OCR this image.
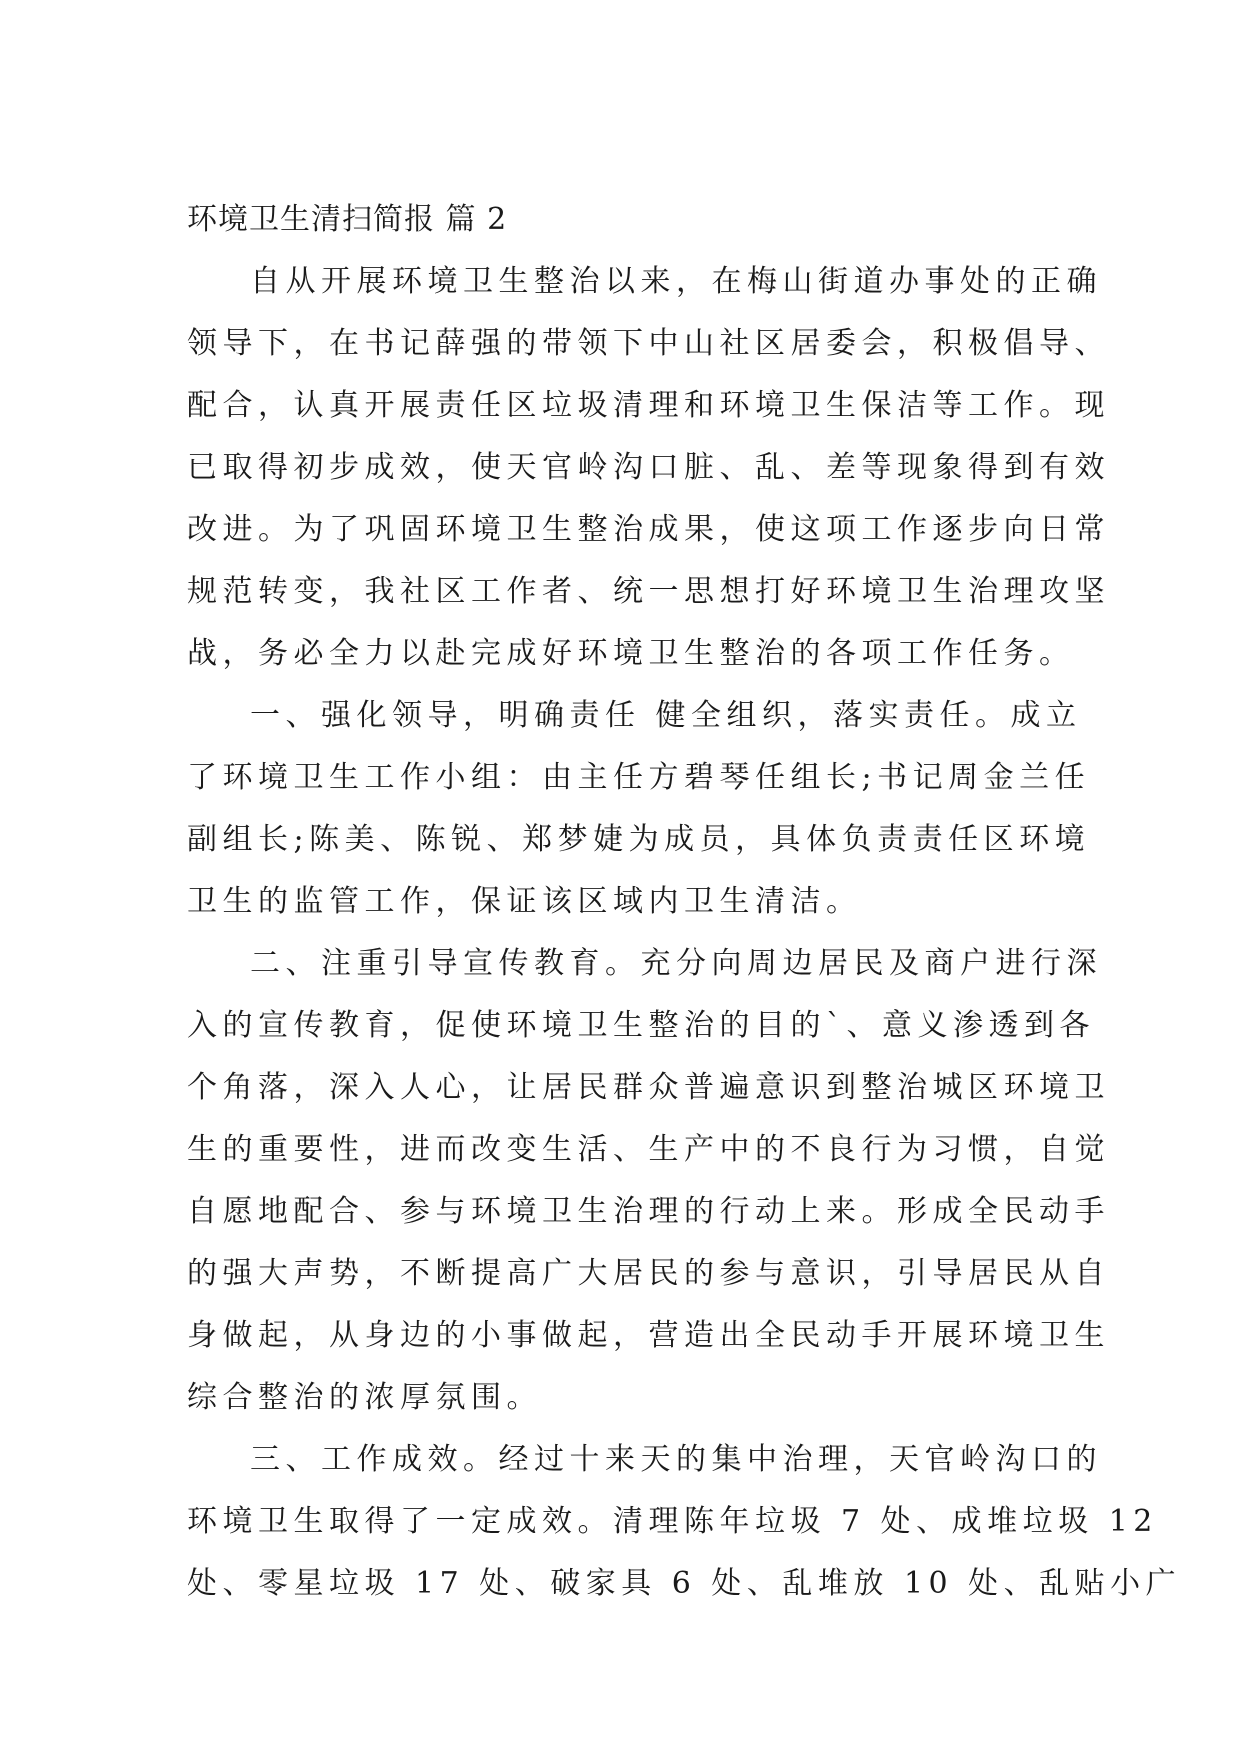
环境卫生清扫简报 篇 2

自从开展环境卫生整治以来，在梅山街道办事处的正确
领导下，在书记薛强的带领下中山社区居委会，积极倡导、
配合，认真开展责任区垃圾清理和环境卫生保洁等工作。现
已取得初步成效，使天官岭沟口脏、乱、差等现象得到有效
改进。为了巩固环境卫生整治成果，使这项工作逐步向日常
规范转变，我社区工作者、统一思想打好环境卫生治理攻坚
战，务必全力以赴完成好环境卫生整治的各项工作任务。

一、强化领导，明确责任 健全组织，落实责任。成立
了环境卫生工作小组：由主任方碧琴任组长;书记周金兰任
副组长;陈美、陈锐、郑梦婕为成员，具体负责责任区环境
卫生的监管工作，保证该区域内卫生清洁。

二、注重引导宣传教育。充分向周边居民及商户进行深
入的宣传教育，促使环境卫生整治的目的`、意义渗透到各
个角落，深入人心，让居民群众普遍意识到整治城区环境卫
生的重要性，进而改变生活、生产中的不良行为习惯，自觉
自愿地配合、参与环境卫生治理的行动上来。形成全民动手
的强大声势，不断提高广大居民的参与意识，引导居民从自
身做起，从身边的小事做起，营造出全民动手开展环境卫生
综合整治的浓厚氛围。

三、工作成效。经过十来天的集中治理，天官岭沟口的
环境卫生取得了一定成效。清理陈年垃圾 7 处、成堆垃圾 12
处、零星垃圾 17 处、破家具 6 处、乱堆放 10 处、乱贴小广
